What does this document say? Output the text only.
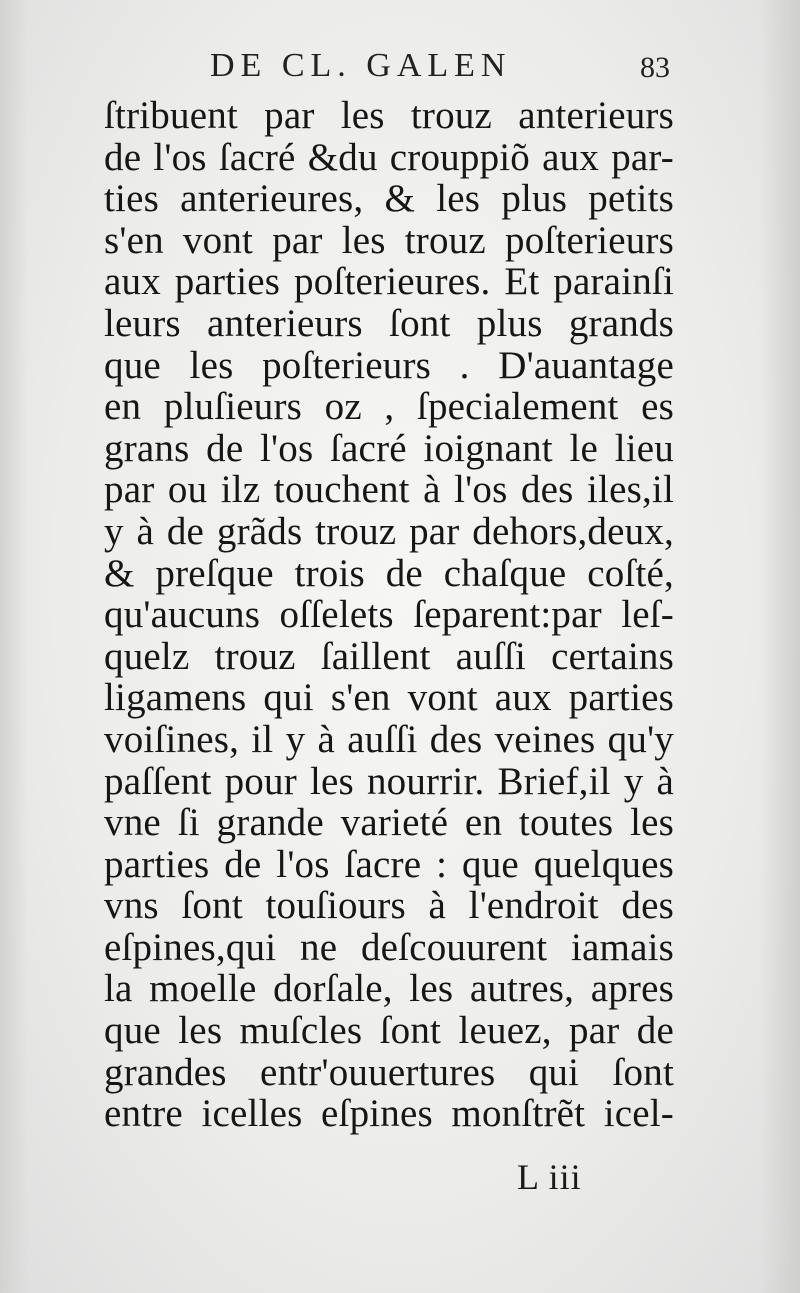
DE CL. GALEN	83
ſtribuent par les trouz anterieurs
de l'os ſacré &du crouppiõ aux par-
ties anterieures, & les plus petits
s'en vont par les trouz poſterieurs
aux parties poſterieures. Et parainſi
leurs anterieurs ſont plus grands
que les poſterieurs . D'auantage
en pluſieurs oz , ſpecialement es
grans de l'os ſacré ioignant le lieu
par ou ilz touchent à l'os des iles,il
y à de grãds trouz par dehors,deux,
& preſque trois de chaſque coſté,
qu'aucuns oſſelets ſeparent:par leſ-
quelz trouz ſaillent auſſi certains
ligamens qui s'en vont aux parties
voiſines, il y à auſſi des veines qu'y
paſſent pour les nourrir. Brief,il y à
vne ſi grande varieté en toutes les
parties de l'os ſacre : que quelques
vns ſont touſiours à l'endroit des
eſpines,qui ne deſcouurent iamais
la moelle dorſale, les autres, apres
que les muſcles ſont leuez, par de
grandes entr'ouuertures qui ſont
entre icelles eſpines monſtrẽt icel-
L iii
